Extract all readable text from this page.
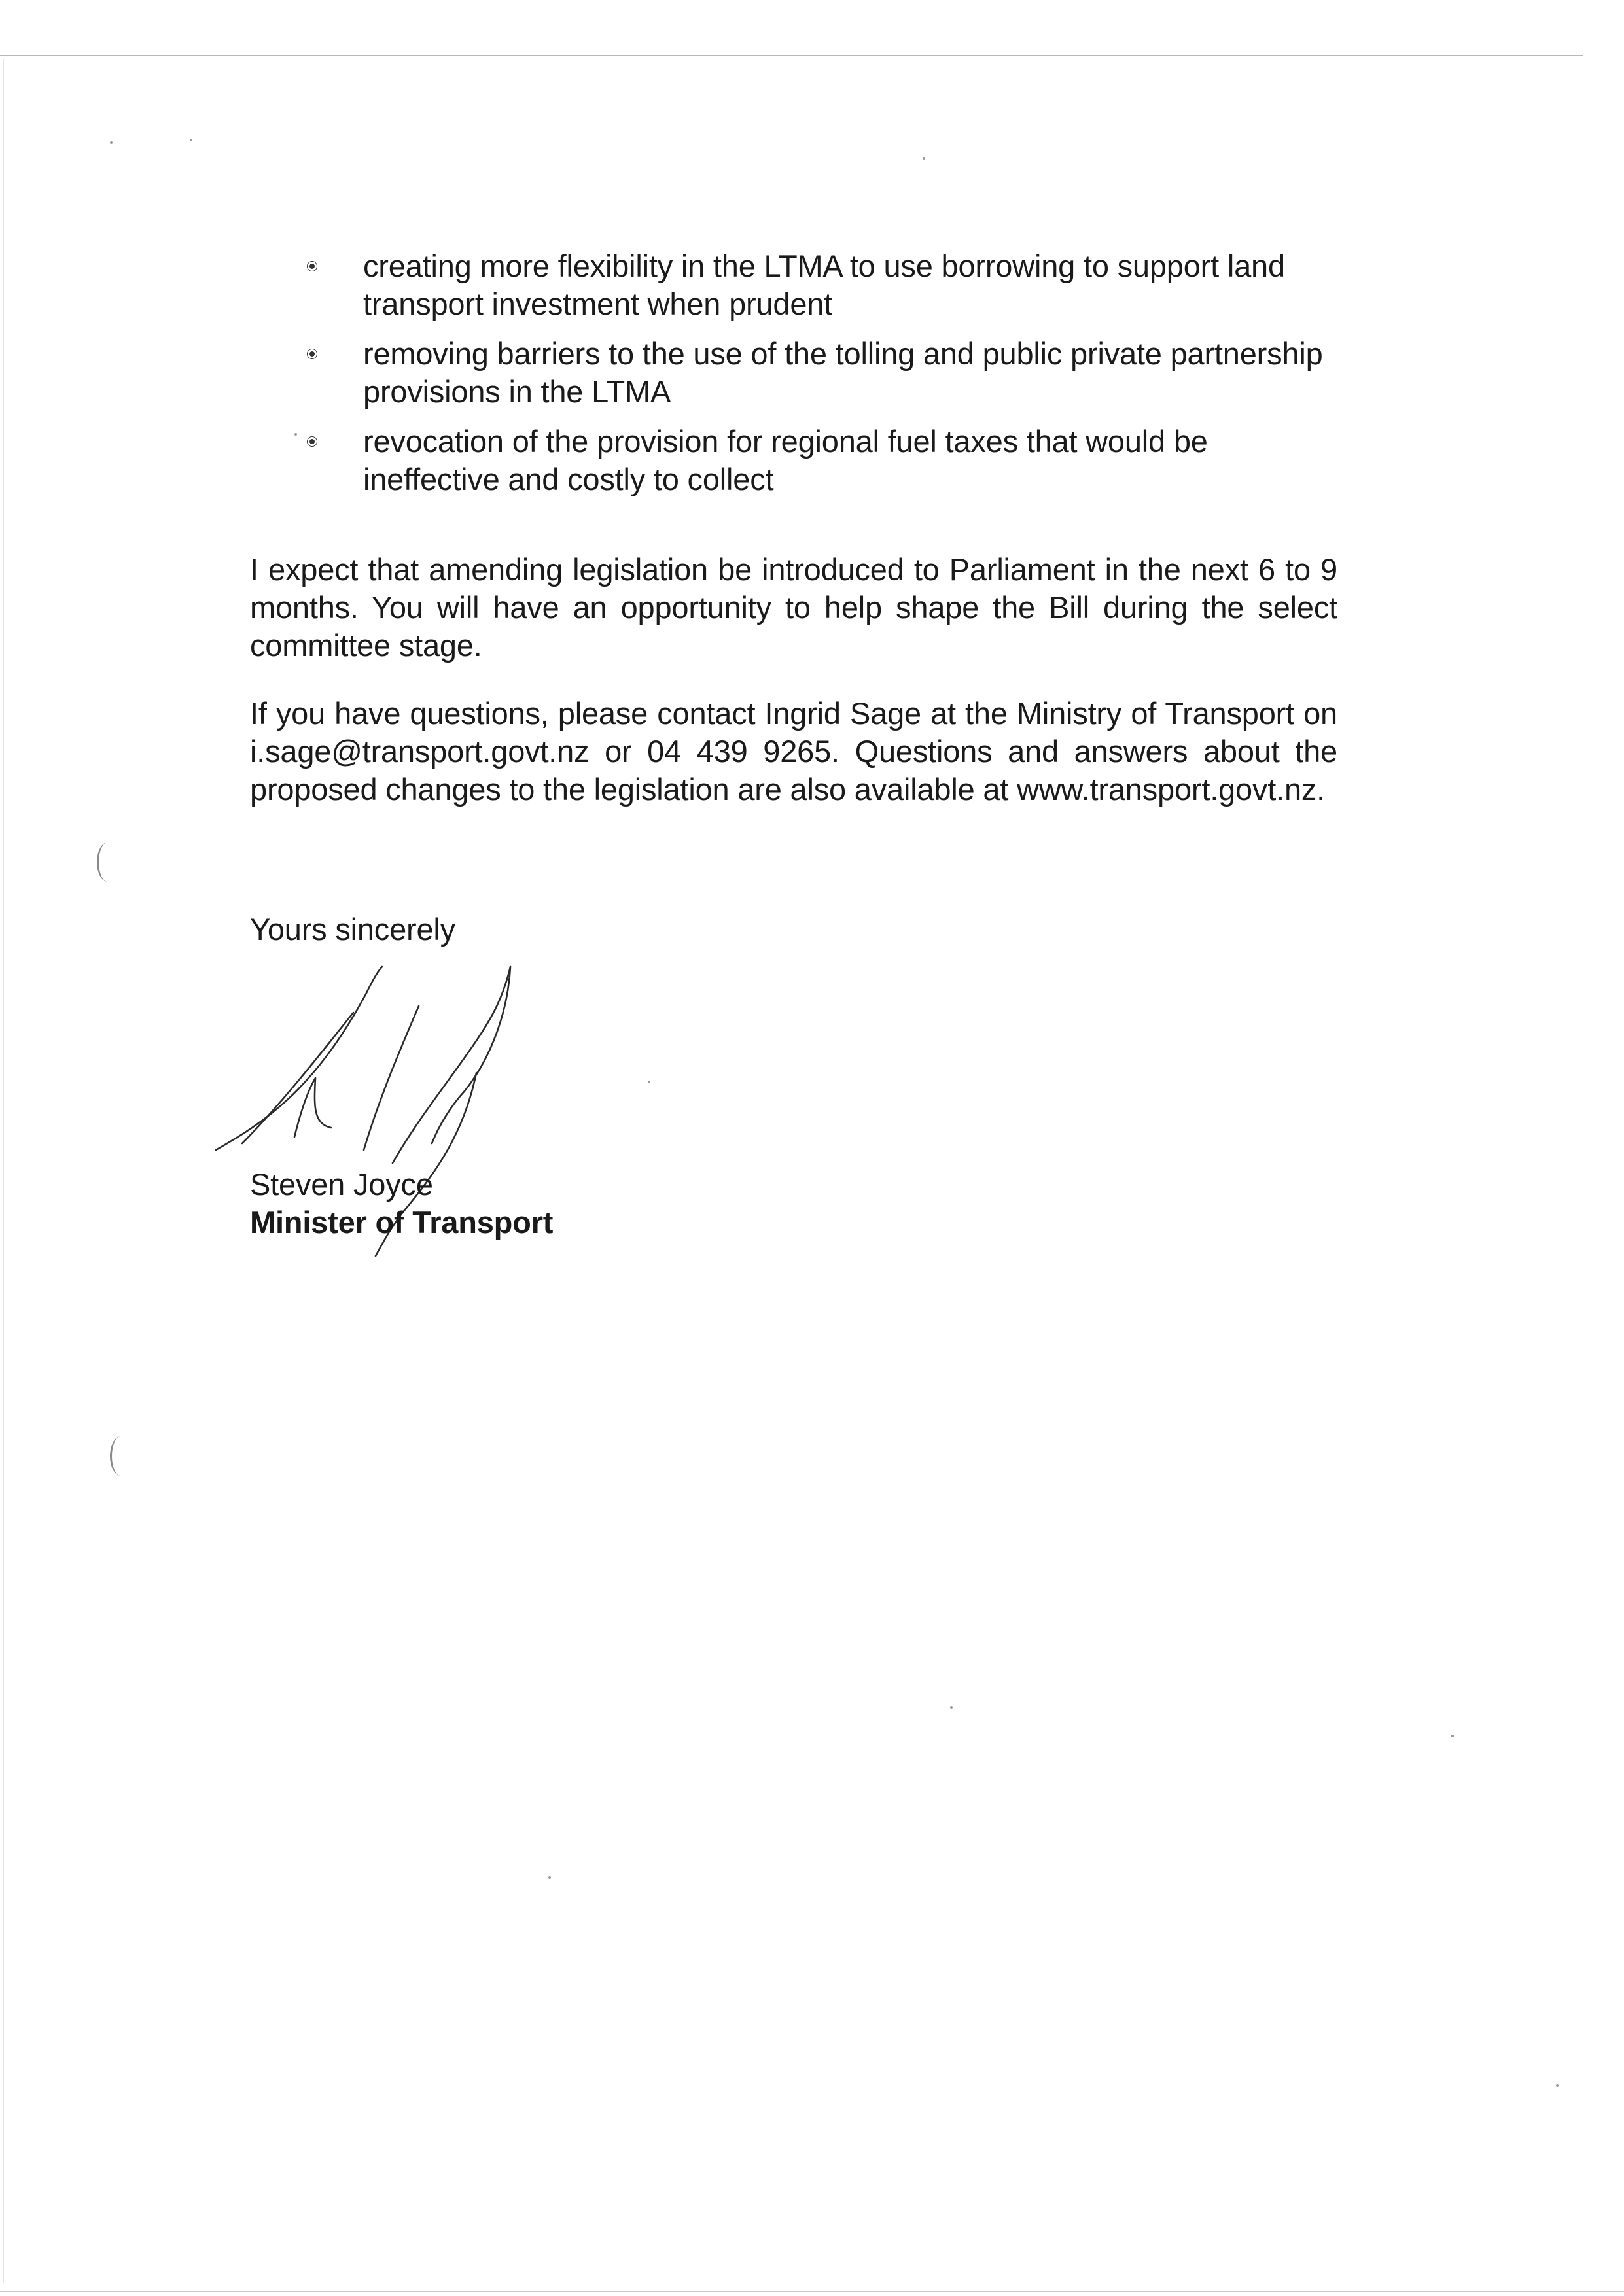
creating more flexibility in the LTMA to use borrowing to support land transport investment when prudent
removing barriers to the use of the tolling and public private partnership provisions in the LTMA
revocation of the provision for regional fuel taxes that would be ineffective and costly to collect

I expect that amending legislation be introduced to Parliament in the next 6 to 9 months. You will have an opportunity to help shape the Bill during the select committee stage.

If you have questions, please contact Ingrid Sage at the Ministry of Transport on i.sage@transport.govt.nz or 04 439 9265. Questions and answers about the proposed changes to the legislation are also available at www.transport.govt.nz.

Yours sincerely
Steven Joyce
Minister of Transport
